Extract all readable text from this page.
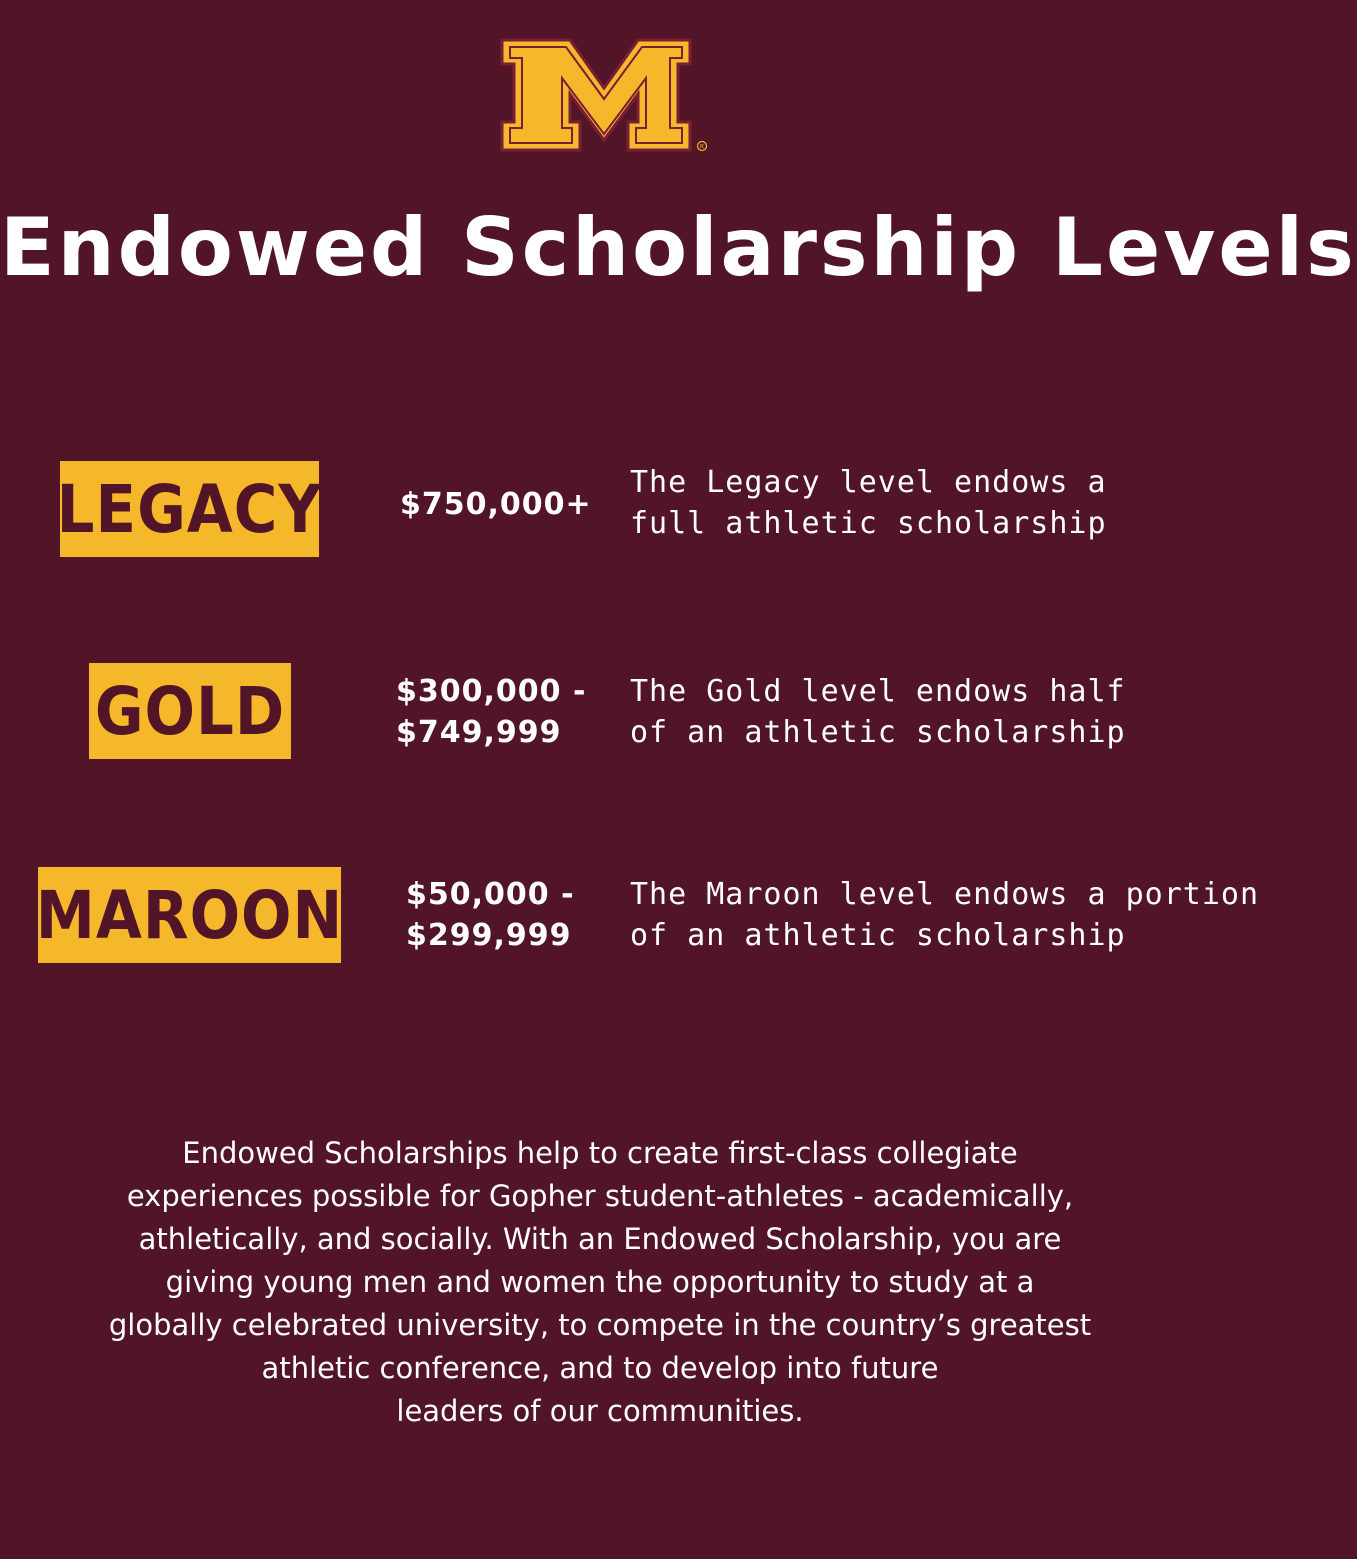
R
Endowed Scholarship Levels
LEGACY	$750,000+
The Legacy level endows a
full athletic scholarship
GOLD	$300,000 -
$749,999
The Gold level endows half
of an athletic scholarship
MAROON $50,000 -
$299,999
The Maroon level endows a portion
of an athletic scholarship
Endowed Scholarships help to create first-class collegiate
experiences possible for Gopher student-athletes - academically,
athletically, and socially. With an Endowed Scholarship, you are
giving young men and women the opportunity to study at a
globally celebrated university, to compete in the country’s greatest
athletic conference, and to develop into future
leaders of our communities.
